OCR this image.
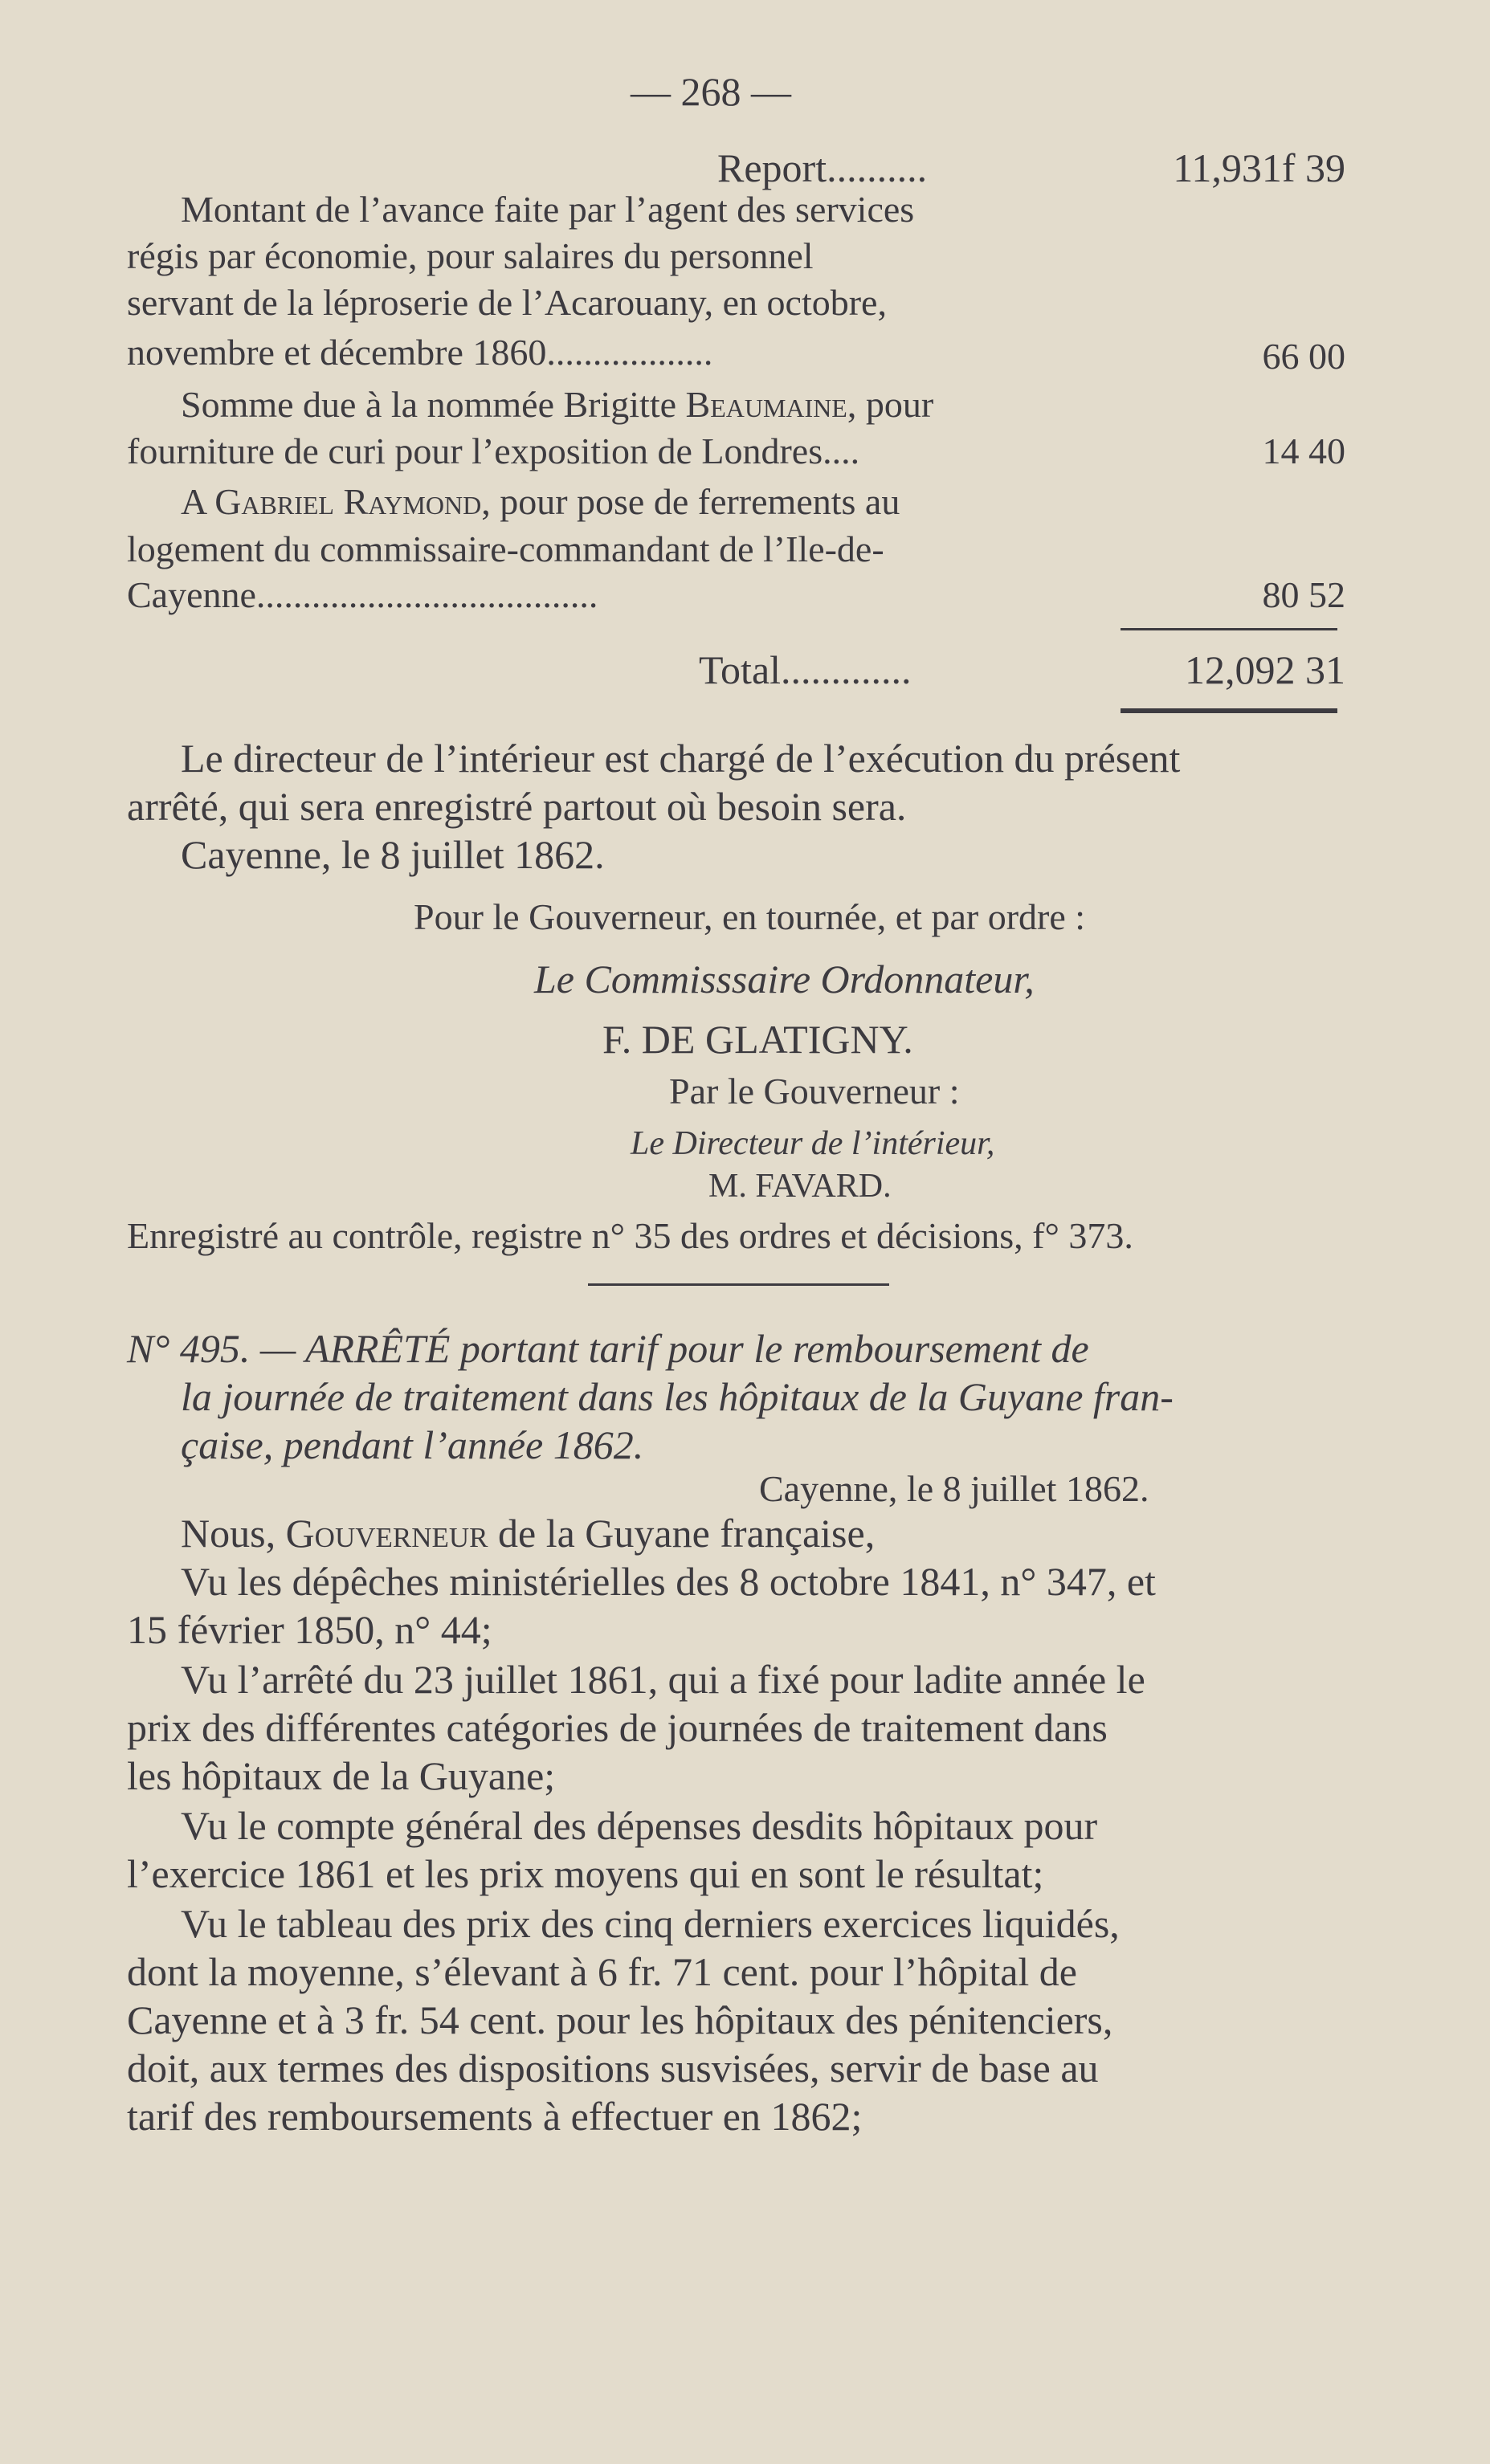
— 268 —
Report..........	11,931f 39
Montant de l’avance faite par l’agent des services
régis par économie, pour salaires du personnel
servant de la léproserie de l’Acarouany, en octobre,
novembre et décembre 1860..................	66 00
Somme due à la nommée Brigitte Beaumaine, pour
fourniture de curi pour l’exposition de Londres....	14 40
A Gabriel Raymond, pour pose de ferrements au
logement du commissaire-commandant de l’Ile-de-
Cayenne.....................................	80 52
Total.............	12,092 31
Le directeur de l’intérieur est chargé de l’exécution du présent
arrêté, qui sera enregistré partout où besoin sera.
Cayenne, le 8 juillet 1862.
Pour le Gouverneur, en tournée, et par ordre :
Le Commisssaire Ordonnateur,
F. DE GLATIGNY.
Par le Gouverneur :
Le Directeur de l’intérieur,
M. FAVARD.
Enregistré au contrôle, registre n° 35 des ordres et décisions, f° 373.
N° 495. — ARRÊTÉ portant tarif pour le remboursement de
la journée de traitement dans les hôpitaux de la Guyane fran-
çaise, pendant l’année 1862.
Cayenne, le 8 juillet 1862.
Nous, Gouverneur de la Guyane française,
Vu les dépêches ministérielles des 8 octobre 1841, n° 347, et
15 février 1850, n° 44;
Vu l’arrêté du 23 juillet 1861, qui a fixé pour ladite année le
prix des différentes catégories de journées de traitement dans
les hôpitaux de la Guyane;
Vu le compte général des dépenses desdits hôpitaux pour
l’exercice 1861 et les prix moyens qui en sont le résultat;
Vu le tableau des prix des cinq derniers exercices liquidés,
dont la moyenne, s’élevant à 6 fr. 71 cent. pour l’hôpital de
Cayenne et à 3 fr. 54 cent. pour les hôpitaux des pénitenciers,
doit, aux termes des dispositions susvisées, servir de base au
tarif des remboursements à effectuer en 1862;
